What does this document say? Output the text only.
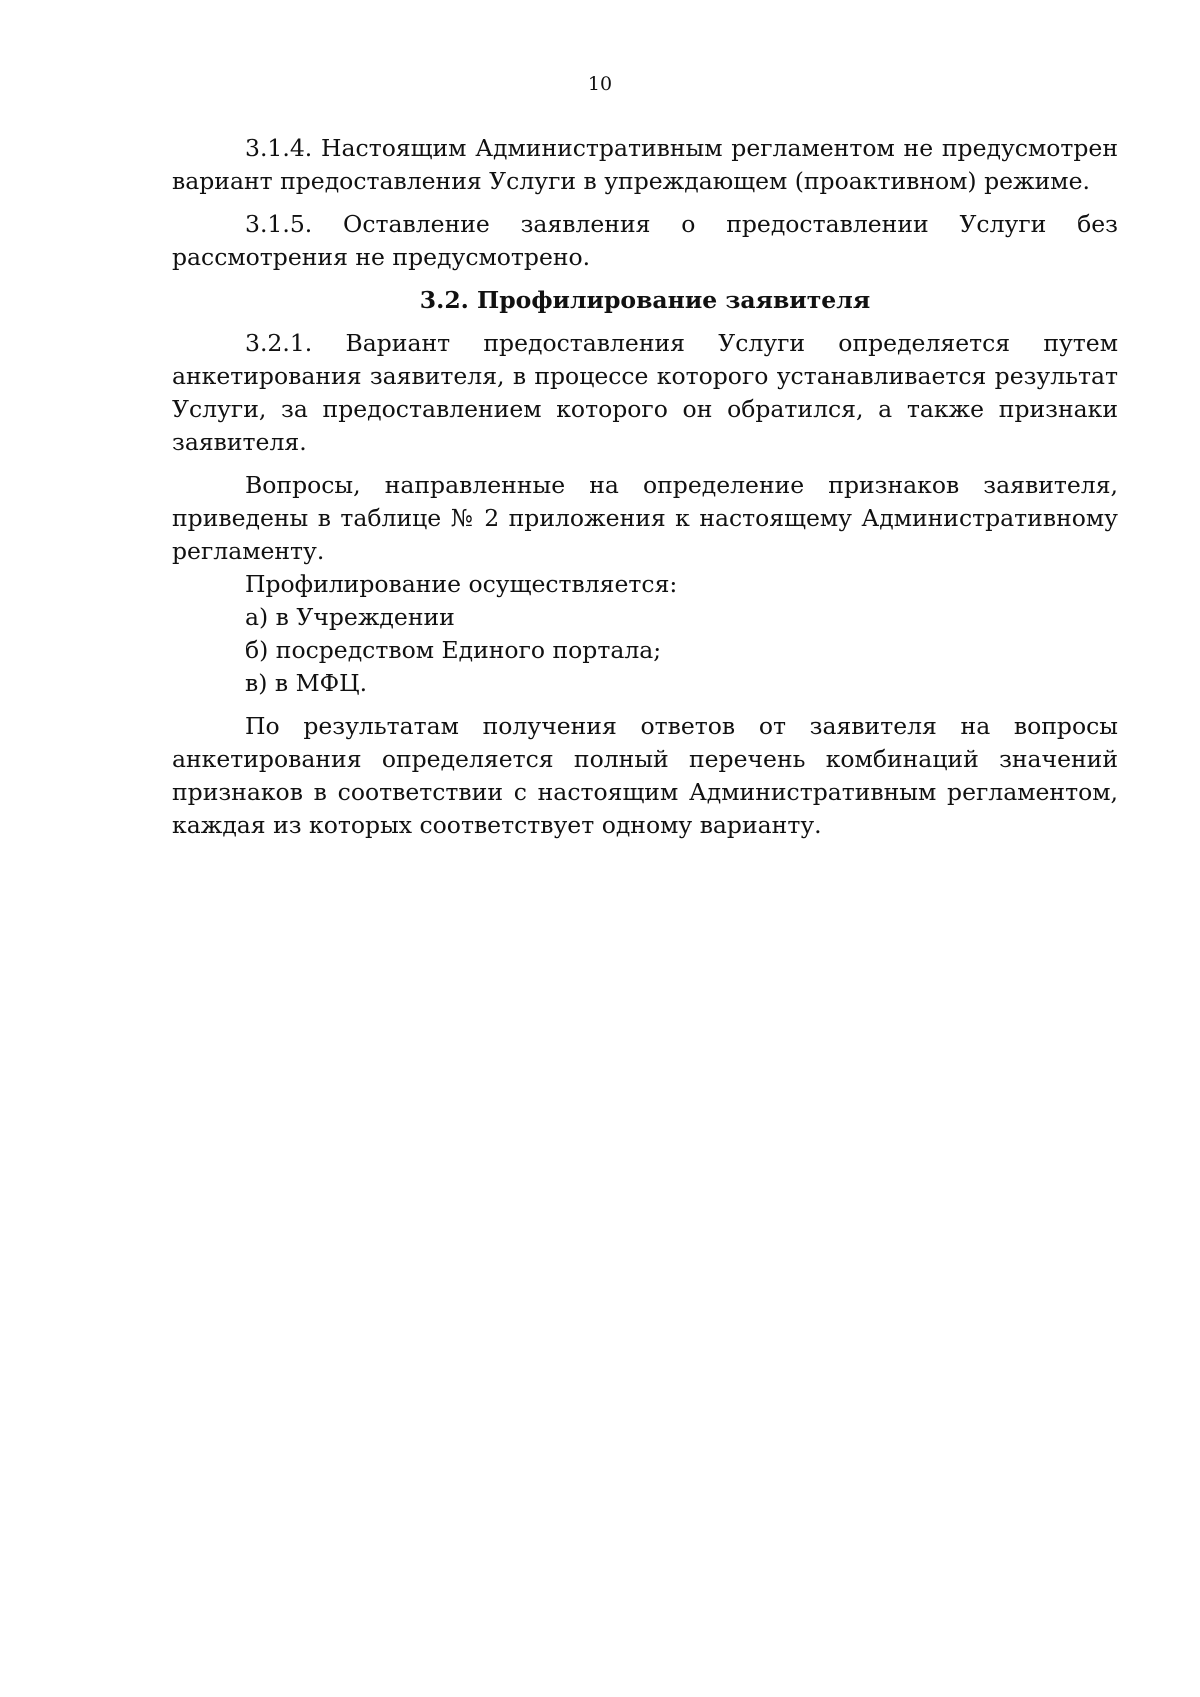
10

3.1.4. Настоящим Административным регламентом не предусмотрен вариант предоставления Услуги в упреждающем (проактивном) режиме.

3.1.5. Оставление заявления о предоставлении Услуги без рассмотрения не предусмотрено.

3.2. Профилирование заявителя

3.2.1. Вариант предоставления Услуги определяется путем анкетирования заявителя, в процессе которого устанавливается результат Услуги, за предоставлением которого он обратился, а также признаки заявителя.

Вопросы, направленные на определение признаков заявителя, приведены в таблице № 2 приложения к настоящему Административному регламенту.

Профилирование осуществляется:

а) в Учреждении

б) посредством Единого портала;

в) в МФЦ.

По результатам получения ответов от заявителя на вопросы анкетирования определяется полный перечень комбинаций значений признаков в соответствии с настоящим Административным регламентом, каждая из которых соответствует одному варианту.
